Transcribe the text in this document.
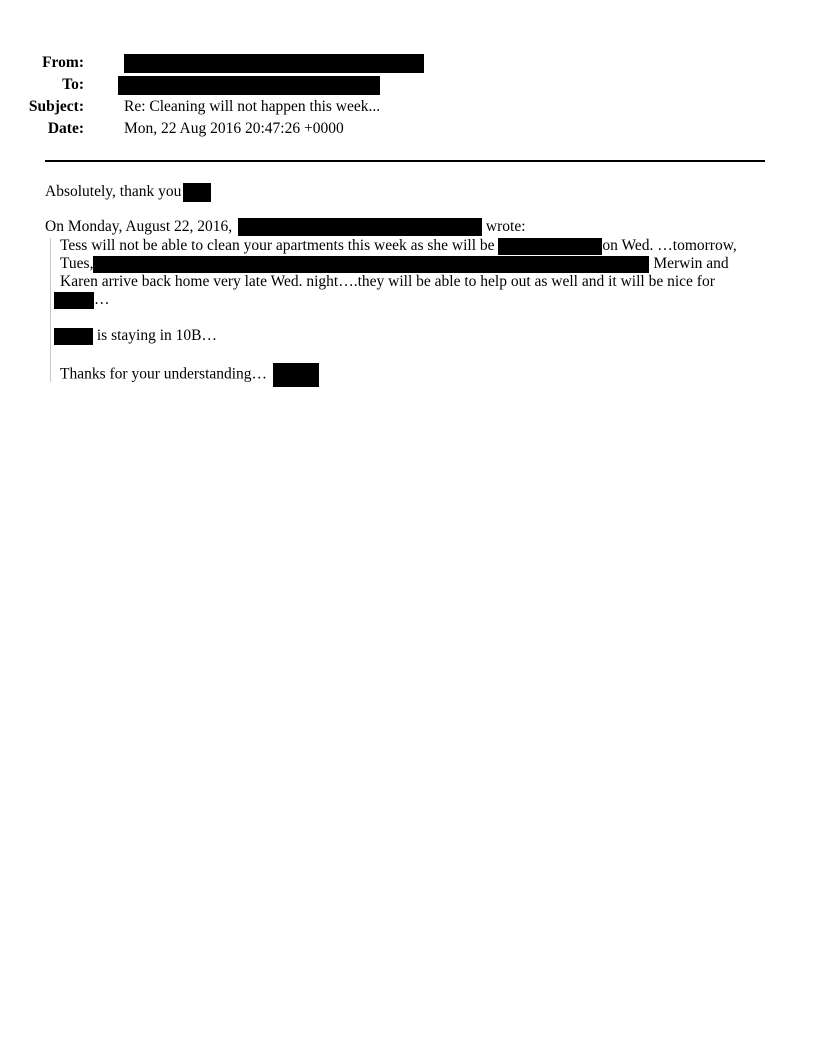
From:
To:
Subject:	Re: Cleaning will not happen this week...
Date:	Mon, 22 Aug 2016 20:47:26 +0000
Absolutely, thank you
On Monday, August 22, 2016,	wrote:
Tess will not be able to clean your apartments this week as she will be	on Wed. …tomorrow,
Tues,	Merwin and
Karen arrive back home very late Wed. night….they will be able to help out as well and it will be nice for
…
is staying in 10B…
Thanks for your understanding…
